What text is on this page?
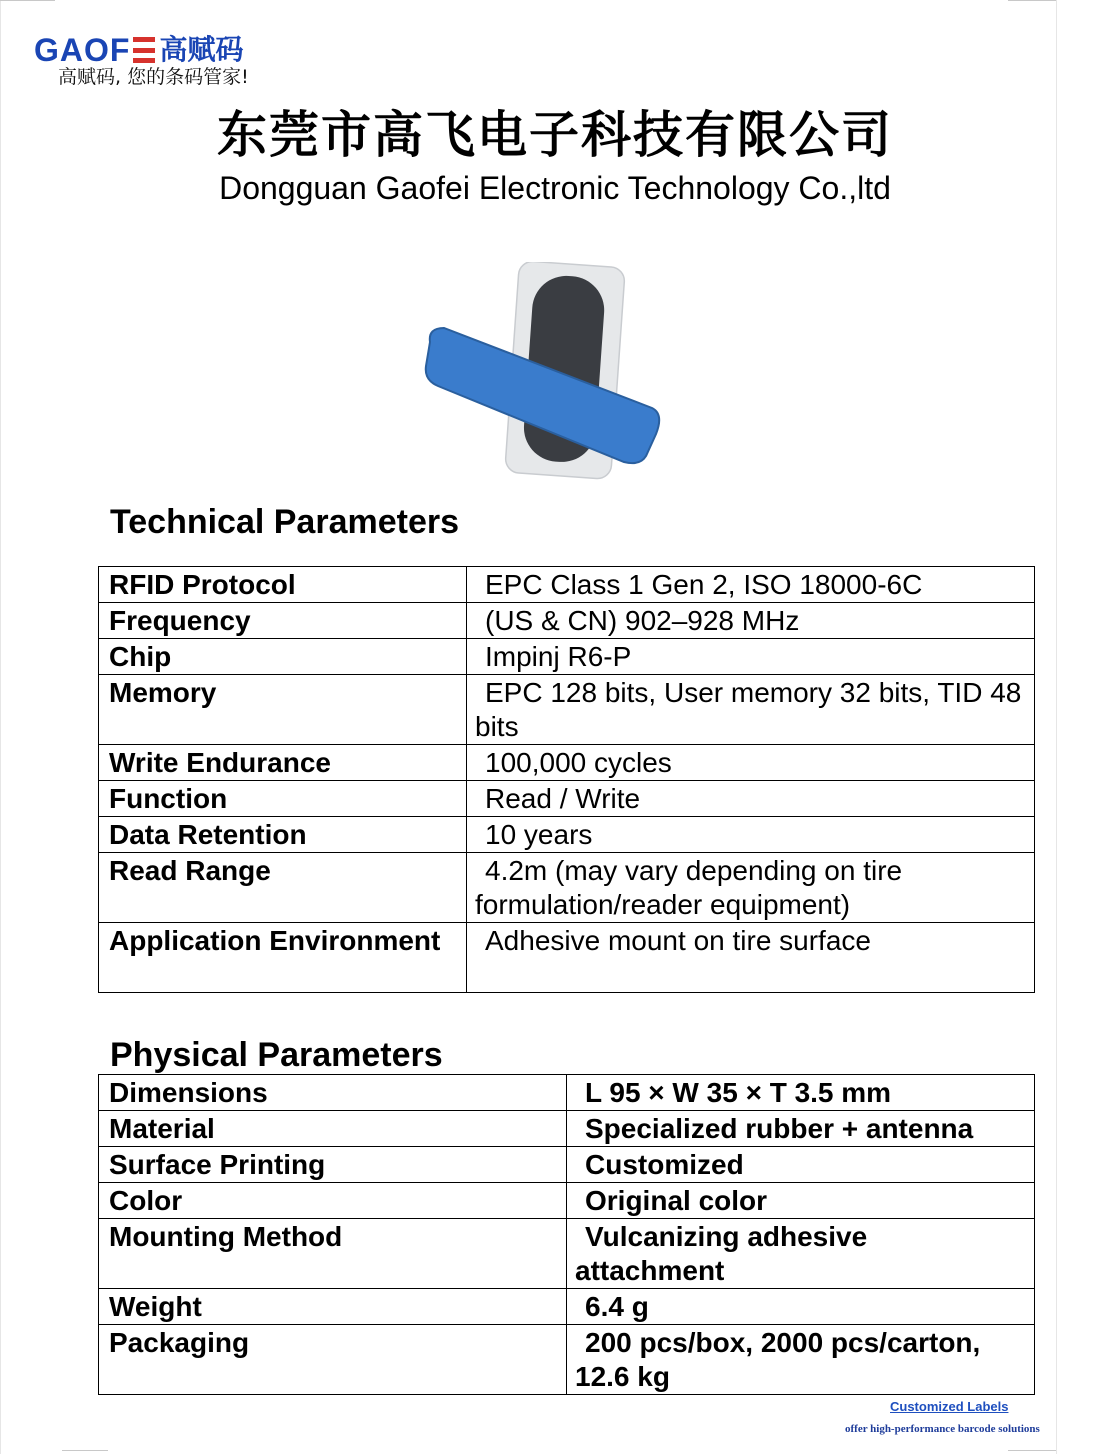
GAOF 高赋码
高赋码, 您的条码管家!
东莞市高飞电子科技有限公司
Dongguan Gaofei Electronic Technology Co.,ltd
Technical Parameters
RFID Protocol	EPC Class 1 Gen 2, ISO 18000-6C
Frequency	(US & CN) 902–928 MHz
Chip	Impinj R6-P
Memory	EPC 128 bits, User memory 32 bits, TID 48 bits
Write Endurance	100,000 cycles
Function	Read / Write
Data Retention	10 years
Read Range	4.2m (may vary depending on tire formulation/reader equipment)
Application Environment	Adhesive mount on tire surface
Physical Parameters
Dimensions	L 95 × W 35 × T 3.5 mm
Material	Specialized rubber + antenna
Surface Printing	Customized
Color	Original color
Mounting Method	Vulcanizing adhesive attachment
Weight	6.4 g
Packaging	200 pcs/box, 2000 pcs/carton, 12.6 kg
Customized Labels
offer high-performance barcode solutions
